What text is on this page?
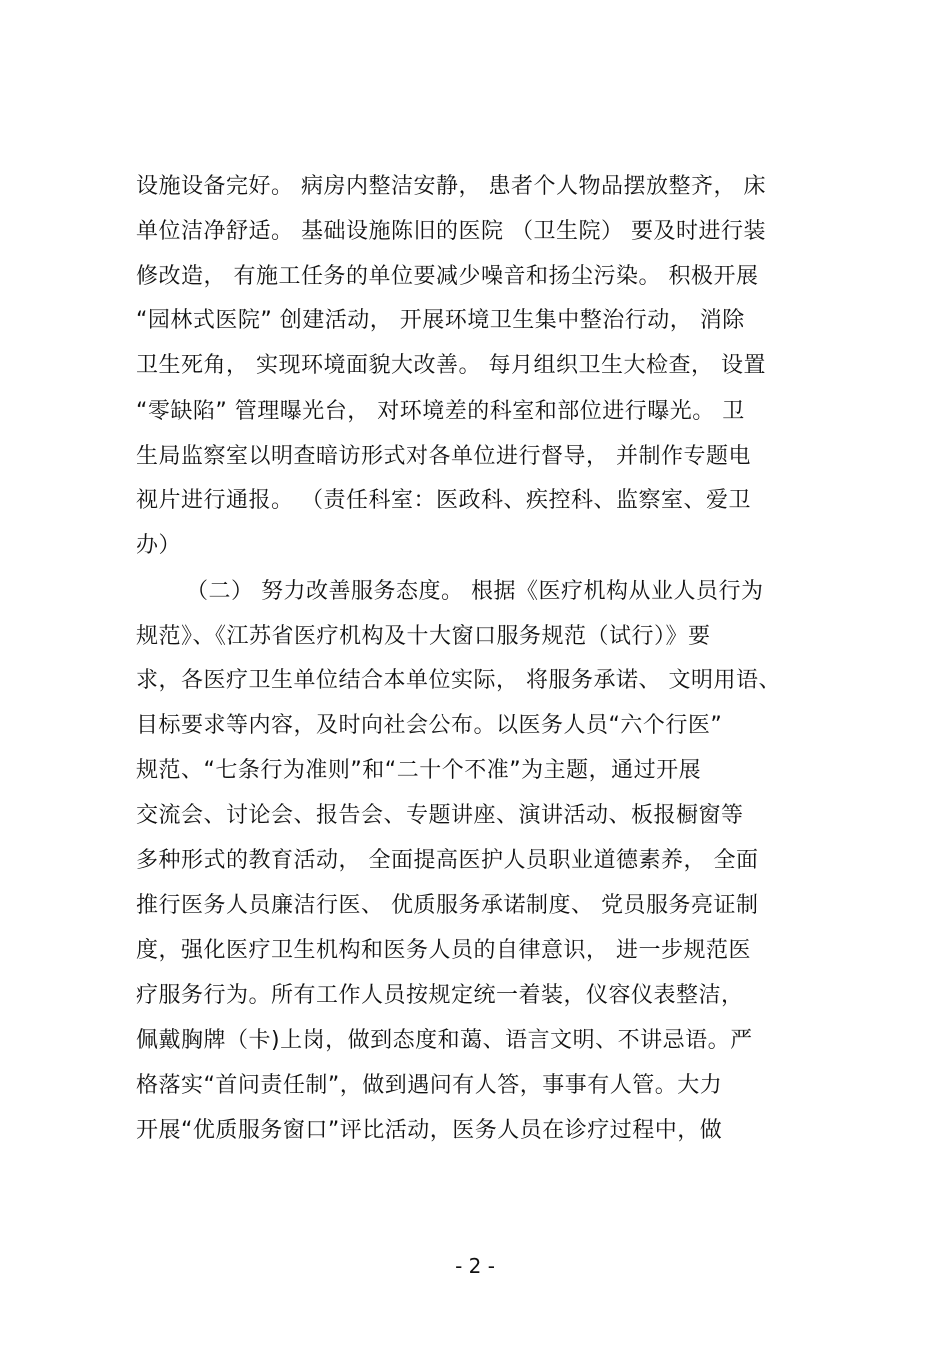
设施设备完好。 病房内整洁安静， 患者个人物品摆放整齐， 床
单位洁净舒适。 基础设施陈旧的医院 （卫生院） 要及时进行装
修改造， 有施工任务的单位要减少噪音和扬尘污染。 积极开展
“园林式医院” 创建活动， 开展环境卫生集中整治行动， 消除
卫生死角， 实现环境面貌大改善。 每月组织卫生大检查， 设置
“零缺陷” 管理曝光台， 对环境差的科室和部位进行曝光。 卫
生局监察室以明查暗访形式对各单位进行督导， 并制作专题电
视片进行通报。 （责任科室：医政科、疾控科、监察室、爱卫
办）
（二） 努力改善服务态度。 根据《医疗机构从业人员行为
规范》、《江苏省医疗机构及十大窗口服务规范（试行）》要
求，各医疗卫生单位结合本单位实际， 将服务承诺、 文明用语、
目标要求等内容，及时向社会公布。以医务人员“六个行医”
规范、“七条行为准则”和“二十个不准”为主题，通过开展
交流会、讨论会、报告会、专题讲座、演讲活动、板报橱窗等
多种形式的教育活动， 全面提高医护人员职业道德素养， 全面
推行医务人员廉洁行医、 优质服务承诺制度、 党员服务亮证制
度，强化医疗卫生机构和医务人员的自律意识， 进一步规范医
疗服务行为。所有工作人员按规定统一着装，仪容仪表整洁，
佩戴胸牌（卡)上岗，做到态度和蔼、语言文明、不讲忌语。严
格落实“首问责任制”，做到遇问有人答，事事有人管。大力
开展“优质服务窗口”评比活动，医务人员在诊疗过程中，做
- 2 -
